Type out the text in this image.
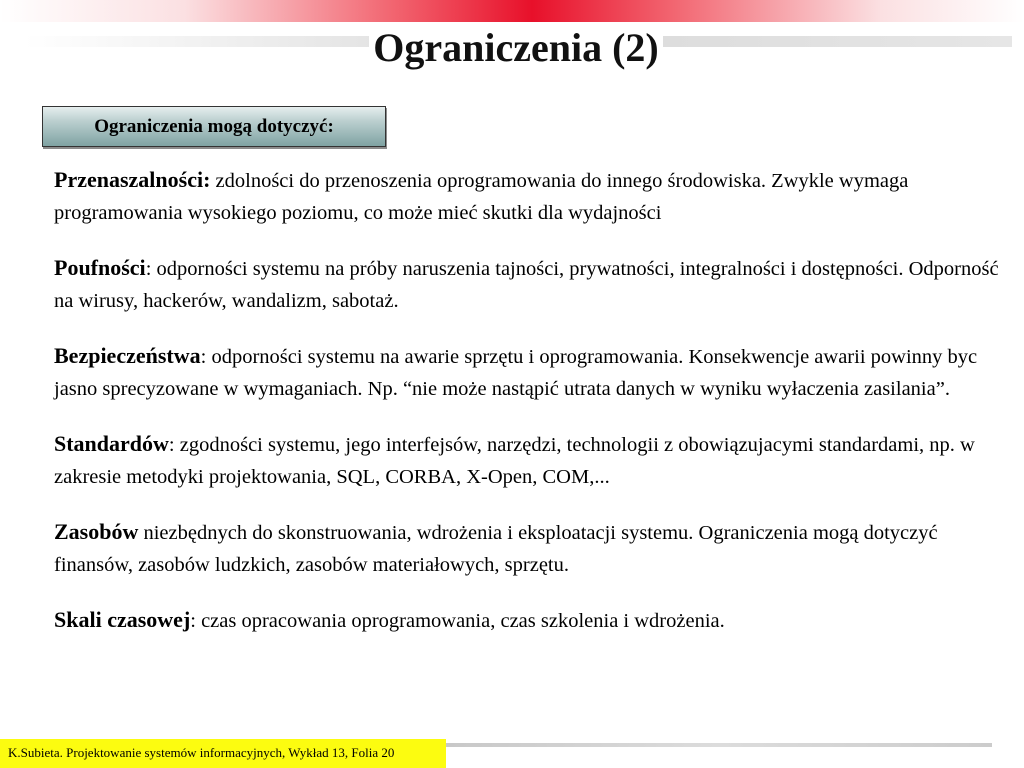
Ograniczenia (2)
Ograniczenia mogą dotyczyć:

Przenaszalności: zdolności do przenoszenia oprogramowania do innego środowiska. Zwykle wymaga programowania wysokiego poziomu, co może mieć skutki dla wydajności

Poufności: odporności systemu na próby naruszenia tajności, prywatności, integralności i dostępności. Odporność na wirusy, hackerów, wandalizm, sabotaż.

Bezpieczeństwa: odporności systemu na awarie sprzętu i oprogramowania. Konsekwencje awarii powinny byc jasno sprecyzowane w wymaganiach. Np. “nie może nastąpić utrata danych w wyniku wyłaczenia zasilania”.

Standardów: zgodności systemu, jego interfejsów, narzędzi, technologii z obowiązujacymi standardami, np. w zakresie metodyki projektowania, SQL, CORBA, X-Open, COM,...

Zasobów niezbędnych do skonstruowania, wdrożenia i eksploatacji systemu. Ograniczenia mogą dotyczyć finansów, zasobów ludzkich, zasobów materiałowych, sprzętu.

Skali czasowej: czas opracowania oprogramowania, czas szkolenia i wdrożenia.

K.Subieta. Projektowanie systemów informacyjnych, Wykład 13, Folia 20
